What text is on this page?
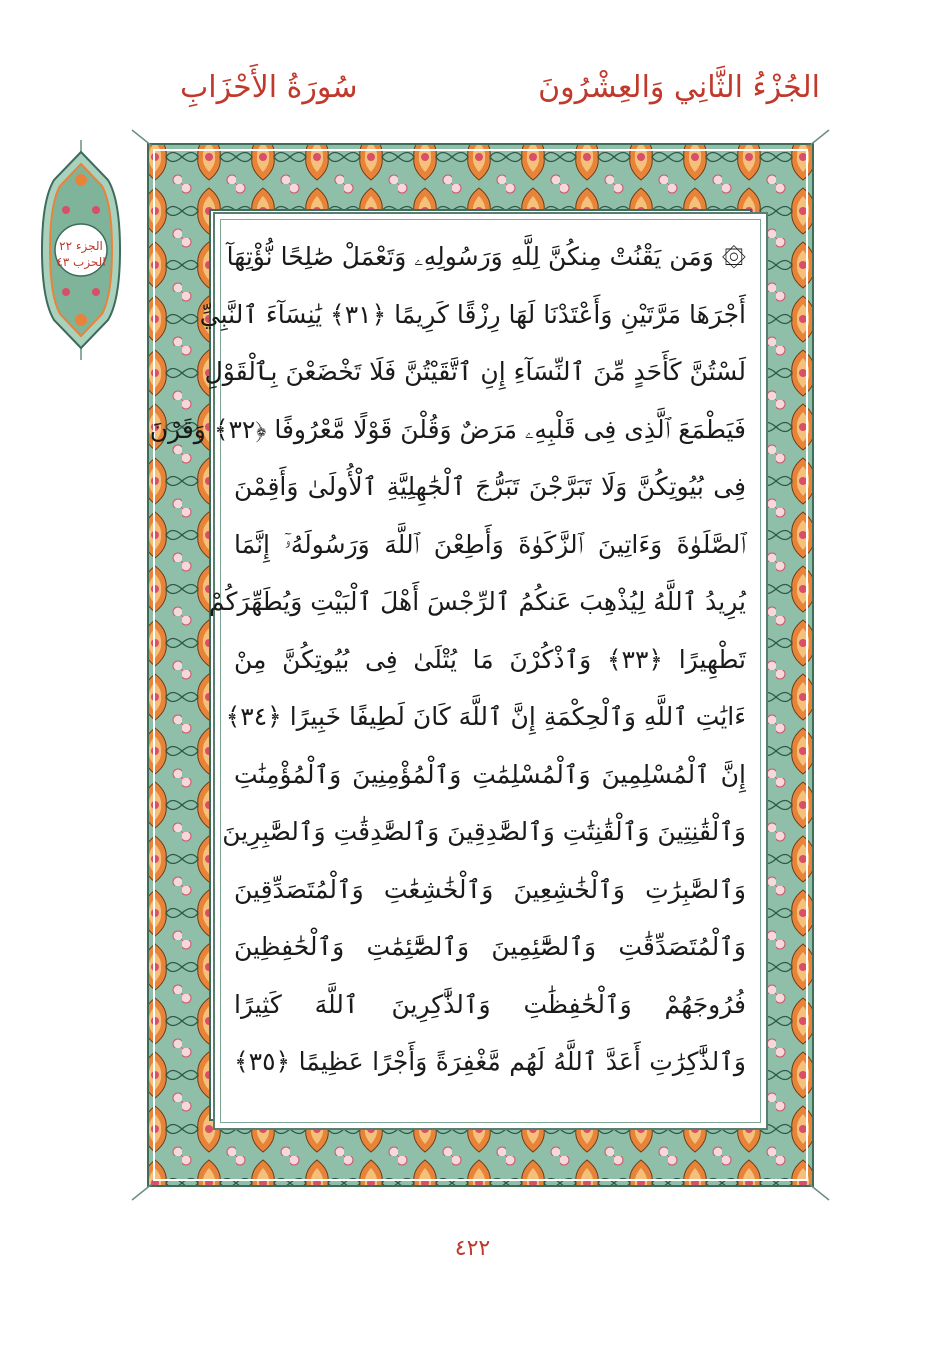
الجُزْءُ الثَّانِي وَالعِشْرُونَ
سُورَةُ الأَحْزَابِ
الجزء ٢٢
الحزب ٤٣	۞ وَمَن يَقْنُتْ مِنكُنَّ لِلَّهِ وَرَسُولِهِۦ وَتَعْمَلْ صَٰلِحًا نُّؤْتِهَآ
أَجْرَهَا مَرَّتَيْنِ وَأَعْتَدْنَا لَهَا رِزْقًا كَرِيمًا ﴿٣١﴾ يَٰنِسَآءَ ٱلنَّبِيِّ
لَسْتُنَّ كَأَحَدٍ مِّنَ ٱلنِّسَآءِ إِنِ ٱتَّقَيْتُنَّ فَلَا تَخْضَعْنَ بِٱلْقَوْلِ
فَيَطْمَعَ ٱلَّذِى فِى قَلْبِهِۦ مَرَضٌ وَقُلْنَ قَوْلًا مَّعْرُوفًا ﴿٣٢﴾ وَقَرْنَ
فِى بُيُوتِكُنَّ وَلَا تَبَرَّجْنَ تَبَرُّجَ ٱلْجَٰهِلِيَّةِ ٱلْأُولَىٰ وَأَقِمْنَ
ٱلصَّلَوٰةَ وَءَاتِينَ ٱلزَّكَوٰةَ وَأَطِعْنَ ٱللَّهَ وَرَسُولَهُۥٓ إِنَّمَا
يُرِيدُ ٱللَّهُ لِيُذْهِبَ عَنكُمُ ٱلرِّجْسَ أَهْلَ ٱلْبَيْتِ وَيُطَهِّرَكُمْ
تَطْهِيرًا ﴿٣٣﴾ وَٱذْكُرْنَ مَا يُتْلَىٰ فِى بُيُوتِكُنَّ مِنْ
ءَايَٰتِ ٱللَّهِ وَٱلْحِكْمَةِ إِنَّ ٱللَّهَ كَانَ لَطِيفًا خَبِيرًا ﴿٣٤﴾
إِنَّ ٱلْمُسْلِمِينَ وَٱلْمُسْلِمَٰتِ وَٱلْمُؤْمِنِينَ وَٱلْمُؤْمِنَٰتِ
وَٱلْقَٰنِتِينَ وَٱلْقَٰنِتَٰتِ وَٱلصَّٰدِقِينَ وَٱلصَّٰدِقَٰتِ وَٱلصَّٰبِرِينَ
وَٱلصَّٰبِرَٰتِ وَٱلْخَٰشِعِينَ وَٱلْخَٰشِعَٰتِ وَٱلْمُتَصَدِّقِينَ
وَٱلْمُتَصَدِّقَٰتِ وَٱلصَّٰٓئِمِينَ وَٱلصَّٰٓئِمَٰتِ وَٱلْحَٰفِظِينَ
فُرُوجَهُمْ وَٱلْحَٰفِظَٰتِ وَٱلذَّٰكِرِينَ ٱللَّهَ كَثِيرًا
وَٱلذَّٰكِرَٰتِ أَعَدَّ ٱللَّهُ لَهُم مَّغْفِرَةً وَأَجْرًا عَظِيمًا ﴿٣٥﴾
٤٢٢
